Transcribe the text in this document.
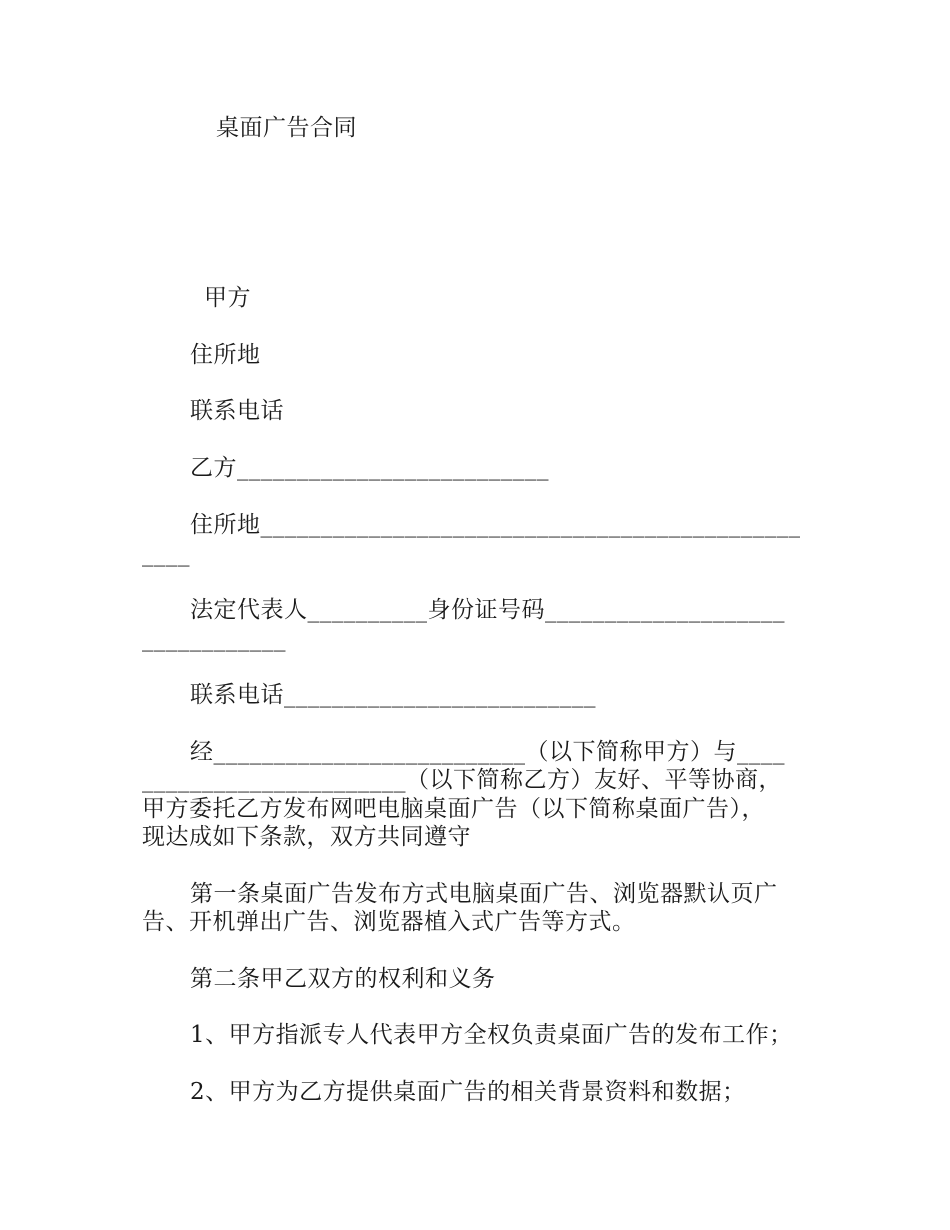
桌面广告合同
甲方
住所地
联系电话
乙方__________________________
住所地_____________________________________________
____
法定代表人__________身份证号码____________________
____________
联系电话__________________________
经__________________________（以下简称甲方）与____
______________________（以下简称乙方）友好、平等协商，
甲方委托乙方发布网吧电脑桌面广告（以下简称桌面广告），
现达成如下条款，双方共同遵守
第一条桌面广告发布方式电脑桌面广告、浏览器默认页广
告、开机弹出广告、浏览器植入式广告等方式。
第二条甲乙双方的权利和义务
1、甲方指派专人代表甲方全权负责桌面广告的发布工作；
2、甲方为乙方提供桌面广告的相关背景资料和数据；
